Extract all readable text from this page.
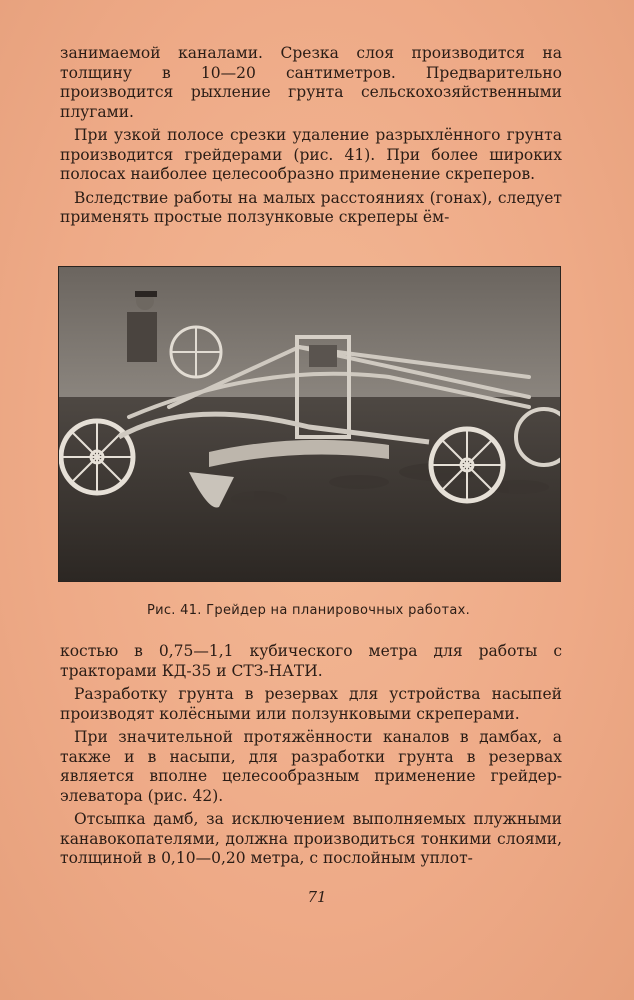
занимаемой каналами. Срезка слоя производится на толщину в 10—20 сантиметров. Предварительно производится рыхление грунта сельскохозяйственными плугами.

При узкой полосе срезки удаление разрыхлённого грунта производится грейдерами (рис. 41). При более широких полосах наиболее целесообразно применение скреперов.

Вследствие работы на малых расстояниях (гонах), следует применять простые ползунковые скреперы ём-

Рис. 41. Грейдер на планировочных работах.

костью в 0,75—1,1 кубического метра для работы с тракторами КД-35 и СТЗ-НАТИ.

Разработку грунта в резервах для устройства насыпей производят колёсными или ползунковыми скреперами.

При значительной протяжённости каналов в дамбах, а также и в насыпи, для разработки грунта в резервах является вполне целесообразным применение грейдер-элеватора (рис. 42).

Отсыпка дамб, за исключением выполняемых плужными канавокопателями, должна производиться тонкими слоями, толщиной в 0,10—0,20 метра, с послойным уплот-

71
